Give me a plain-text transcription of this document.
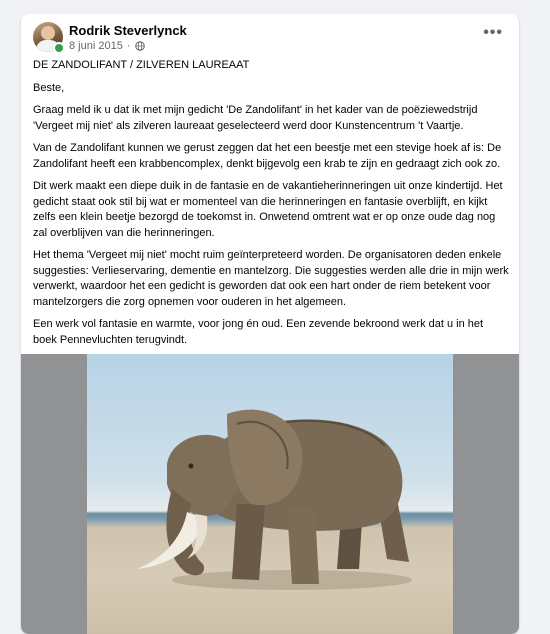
Rodrik Steverlynck
8 juni 2015 ·
•••

DE ZANDOLIFANT / ZILVEREN LAUREAAT

Beste,

Graag meld ik u dat ik met mijn gedicht 'De Zandolifant' in het kader van de poëziewedstrijd 'Vergeet mij niet' als zilveren laureaat geselecteerd werd door Kunstencentrum 't Vaartje.

Van de Zandolifant kunnen we gerust zeggen dat het een beestje met een stevige hoek af is: De Zandolifant heeft een krabbencomplex, denkt bijgevolg een krab te zijn en gedraagt zich ook zo.

Dit werk maakt een diepe duik in de fantasie en de vakantieherinneringen uit onze kindertijd. Het gedicht staat ook stil bij wat er momenteel van die herinneringen en fantasie overblijft, en kijkt zelfs een klein beetje bezorgd de toekomst in. Onwetend omtrent wat er op onze oude dag nog zal overblijven van die herinneringen.

Het thema 'Vergeet mij niet' mocht ruim geïnterpreteerd worden. De organisatoren deden enkele suggesties: Verlieservaring, dementie en mantelzorg. Die suggesties werden alle drie in mijn werk verwerkt, waardoor het een gedicht is geworden dat ook een hart onder de riem betekent voor mantelzorgers die zorg opnemen voor ouderen in het algemeen.

Een werk vol fantasie en warmte, voor jong én oud. Een zevende bekroond werk dat u in het boek Pennevluchten terugvindt.
